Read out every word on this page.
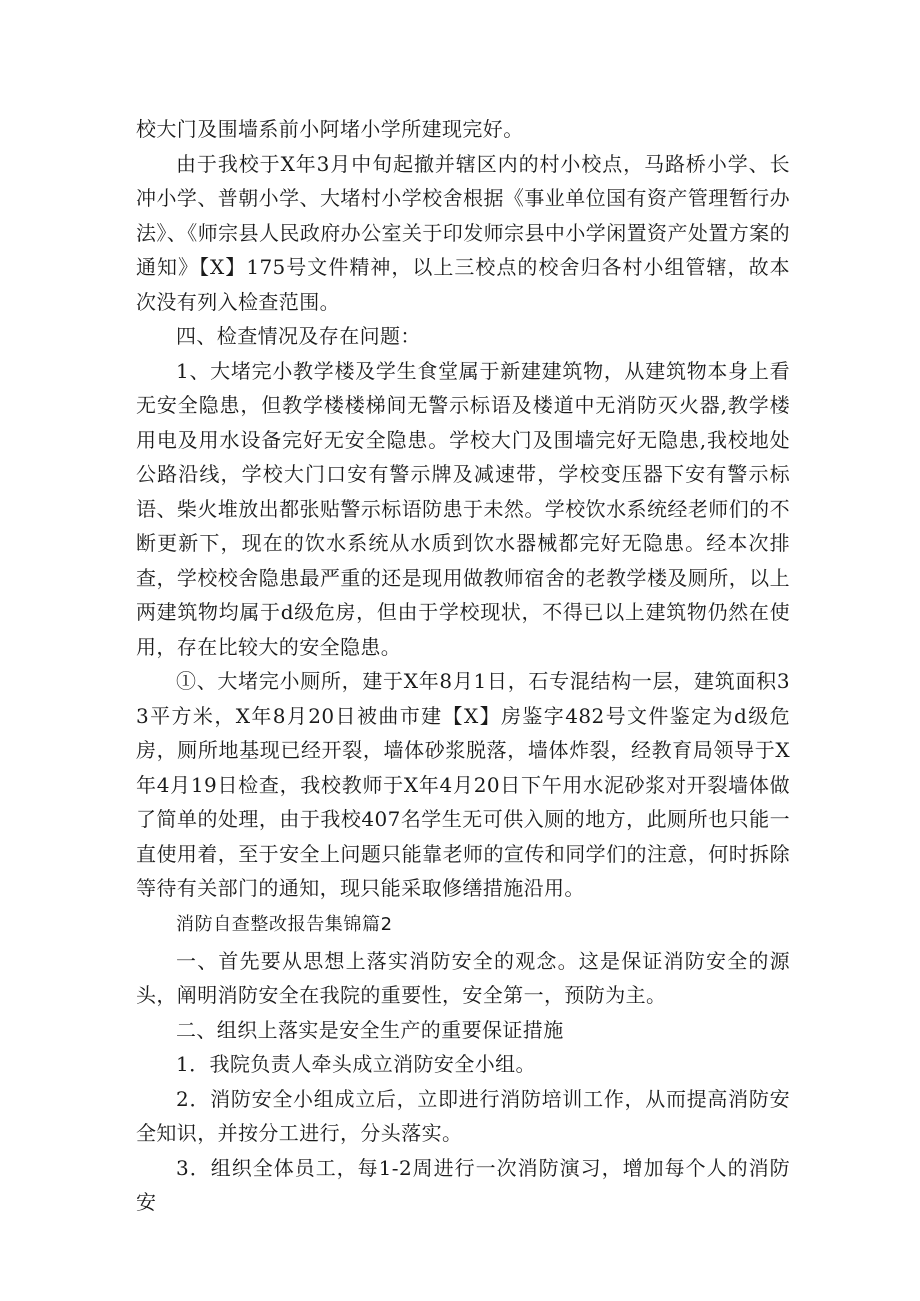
校大门及围墙系前小阿堵小学所建现完好。

由于我校于X年3月中旬起撤并辖区内的村小校点，马路桥小学、长冲小学、普朝小学、大堵村小学校舍根据《事业单位国有资产管理暂行办法》、《师宗县人民政府办公室关于印发师宗县中小学闲置资产处置方案的通知》【X】175号文件精神，以上三校点的校舍归各村小组管辖，故本次没有列入检查范围。

四、检查情况及存在问题：

1、大堵完小教学楼及学生食堂属于新建建筑物，从建筑物本身上看无安全隐患，但教学楼楼梯间无警示标语及楼道中无消防灭火器,教学楼用电及用水设备完好无安全隐患。学校大门及围墙完好无隐患,我校地处公路沿线，学校大门口安有警示牌及减速带，学校变压器下安有警示标语、柴火堆放出都张贴警示标语防患于未然。学校饮水系统经老师们的不断更新下，现在的饮水系统从水质到饮水器械都完好无隐患。经本次排查，学校校舍隐患最严重的还是现用做教师宿舍的老教学楼及厕所，以上两建筑物均属于d级危房，但由于学校现状，不得已以上建筑物仍然在使用，存在比较大的安全隐患。

①、大堵完小厕所，建于X年8月1日，石专混结构一层，建筑面积33平方米，X年8月20日被曲市建【X】房鉴字482号文件鉴定为d级危房，厕所地基现已经开裂，墙体砂浆脱落，墙体炸裂，经教育局领导于X年4月19日检查，我校教师于X年4月20日下午用水泥砂浆对开裂墙体做了简单的处理，由于我校407名学生无可供入厕的地方，此厕所也只能一直使用着，至于安全上问题只能靠老师的宣传和同学们的注意，何时拆除等待有关部门的通知，现只能采取修缮措施沿用。

消防自查整改报告集锦篇2

一、首先要从思想上落实消防安全的观念。这是保证消防安全的源头，阐明消防安全在我院的重要性，安全第一，预防为主。

二、组织上落实是安全生产的重要保证措施

1．我院负责人牵头成立消防安全小组。

2．消防安全小组成立后，立即进行消防培训工作，从而提高消防安全知识，并按分工进行，分头落实。

3．组织全体员工，每1-2周进行一次消防演习，增加每个人的消防安
